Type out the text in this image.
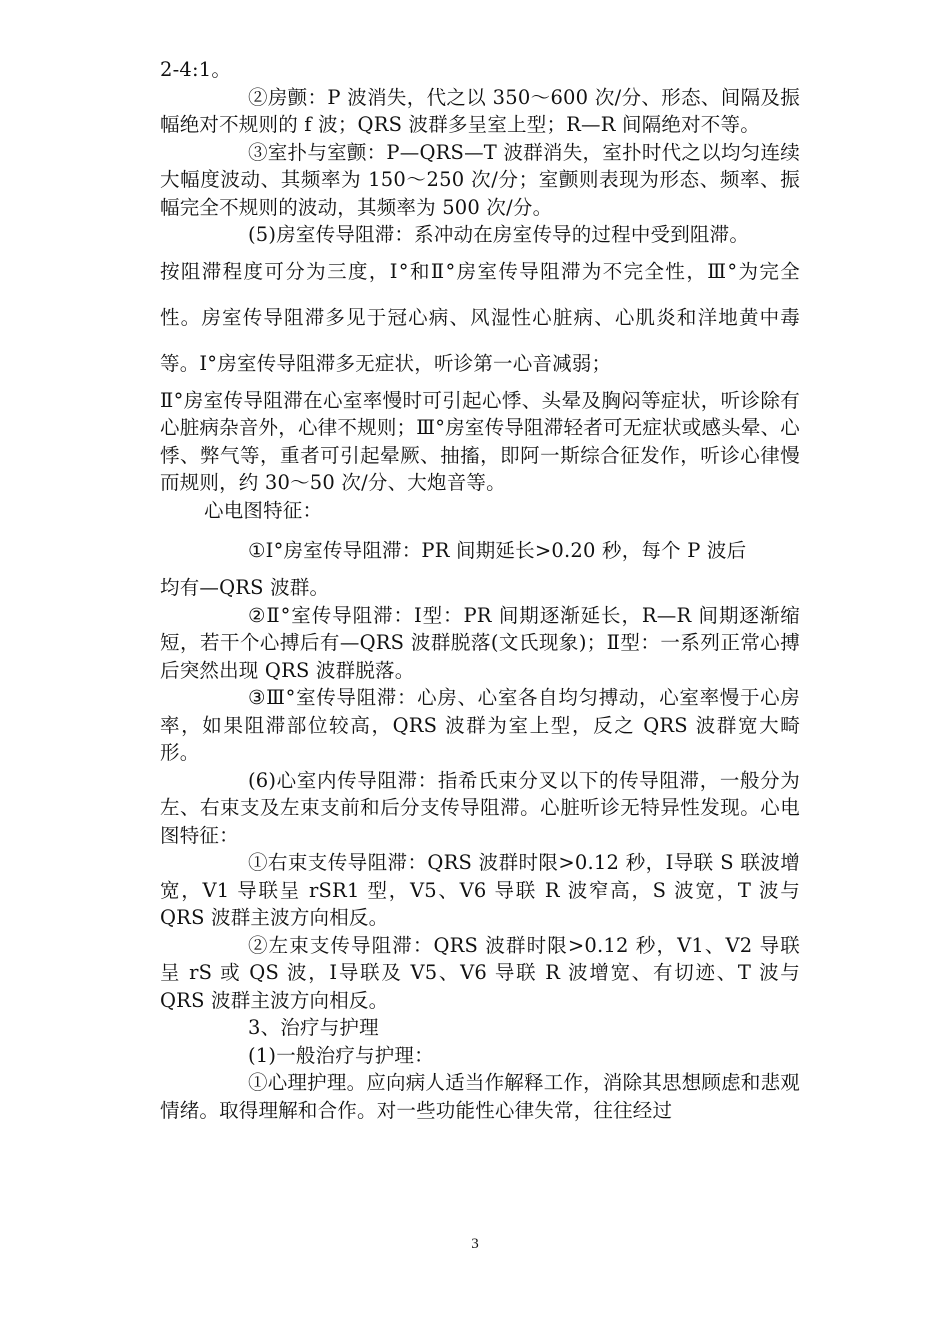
2-4:1。

②房颤：P 波消失，代之以 350～600 次/分、形态、间隔及振幅绝对不规则的 f 波；QRS 波群多呈室上型；R—R 间隔绝对不等。

③室扑与室颤：P—QRS—T 波群消失，室扑时代之以均匀连续大幅度波动、其频率为 150～250 次/分；室颤则表现为形态、频率、振幅完全不规则的波动，其频率为 500 次/分。

(5)房室传导阻滞：系冲动在房室传导的过程中受到阻滞。

按阻滞程度可分为三度，Ⅰ°和Ⅱ°房室传导阻滞为不完全性，Ⅲ°为完全性。房室传导阻滞多见于冠心病、风湿性心脏病、心肌炎和洋地黄中毒等。Ⅰ°房室传导阻滞多无症状，听诊第一心音减弱；

Ⅱ°房室传导阻滞在心室率慢时可引起心悸、头晕及胸闷等症状，听诊除有心脏病杂音外，心律不规则；Ⅲ°房室传导阻滞轻者可无症状或感头晕、心悸、弊气等，重者可引起晕厥、抽搐，即阿一斯综合征发作，听诊心律慢而规则，约 30～50 次/分、大炮音等。

心电图特征：

①Ⅰ°房室传导阻滞：PR 间期延长>0.20 秒，每个 P 波后

均有—QRS 波群。

②Ⅱ°室传导阻滞：Ⅰ型：PR 间期逐渐延长，R—R 间期逐渐缩短，若干个心搏后有—QRS 波群脱落(文氏现象)；Ⅱ型：一系列正常心搏后突然出现 QRS 波群脱落。

③Ⅲ°室传导阻滞：心房、心室各自均匀搏动，心室率慢于心房率，如果阻滞部位较高，QRS 波群为室上型，反之 QRS 波群宽大畸形。

(6)心室内传导阻滞：指希氏束分叉以下的传导阻滞，一般分为左、右束支及左束支前和后分支传导阻滞。心脏听诊无特异性发现。心电图特征：

①右束支传导阻滞：QRS 波群时限>0.12 秒，Ⅰ导联 S 联波增宽，V1 导联呈 rSR1 型，V5、V6 导联 R 波窄高，S 波宽，T 波与 QRS 波群主波方向相反。

②左束支传导阻滞：QRS 波群时限>0.12 秒，V1、V2 导联呈 rS 或 QS 波，Ⅰ导联及 V5、V6 导联 R 波增宽、有切迹、T 波与 QRS 波群主波方向相反。

3、治疗与护理

(1)一般治疗与护理：

①心理护理。应向病人适当作解释工作，消除其思想顾虑和悲观情绪。取得理解和合作。对一些功能性心律失常，往往经过

3
